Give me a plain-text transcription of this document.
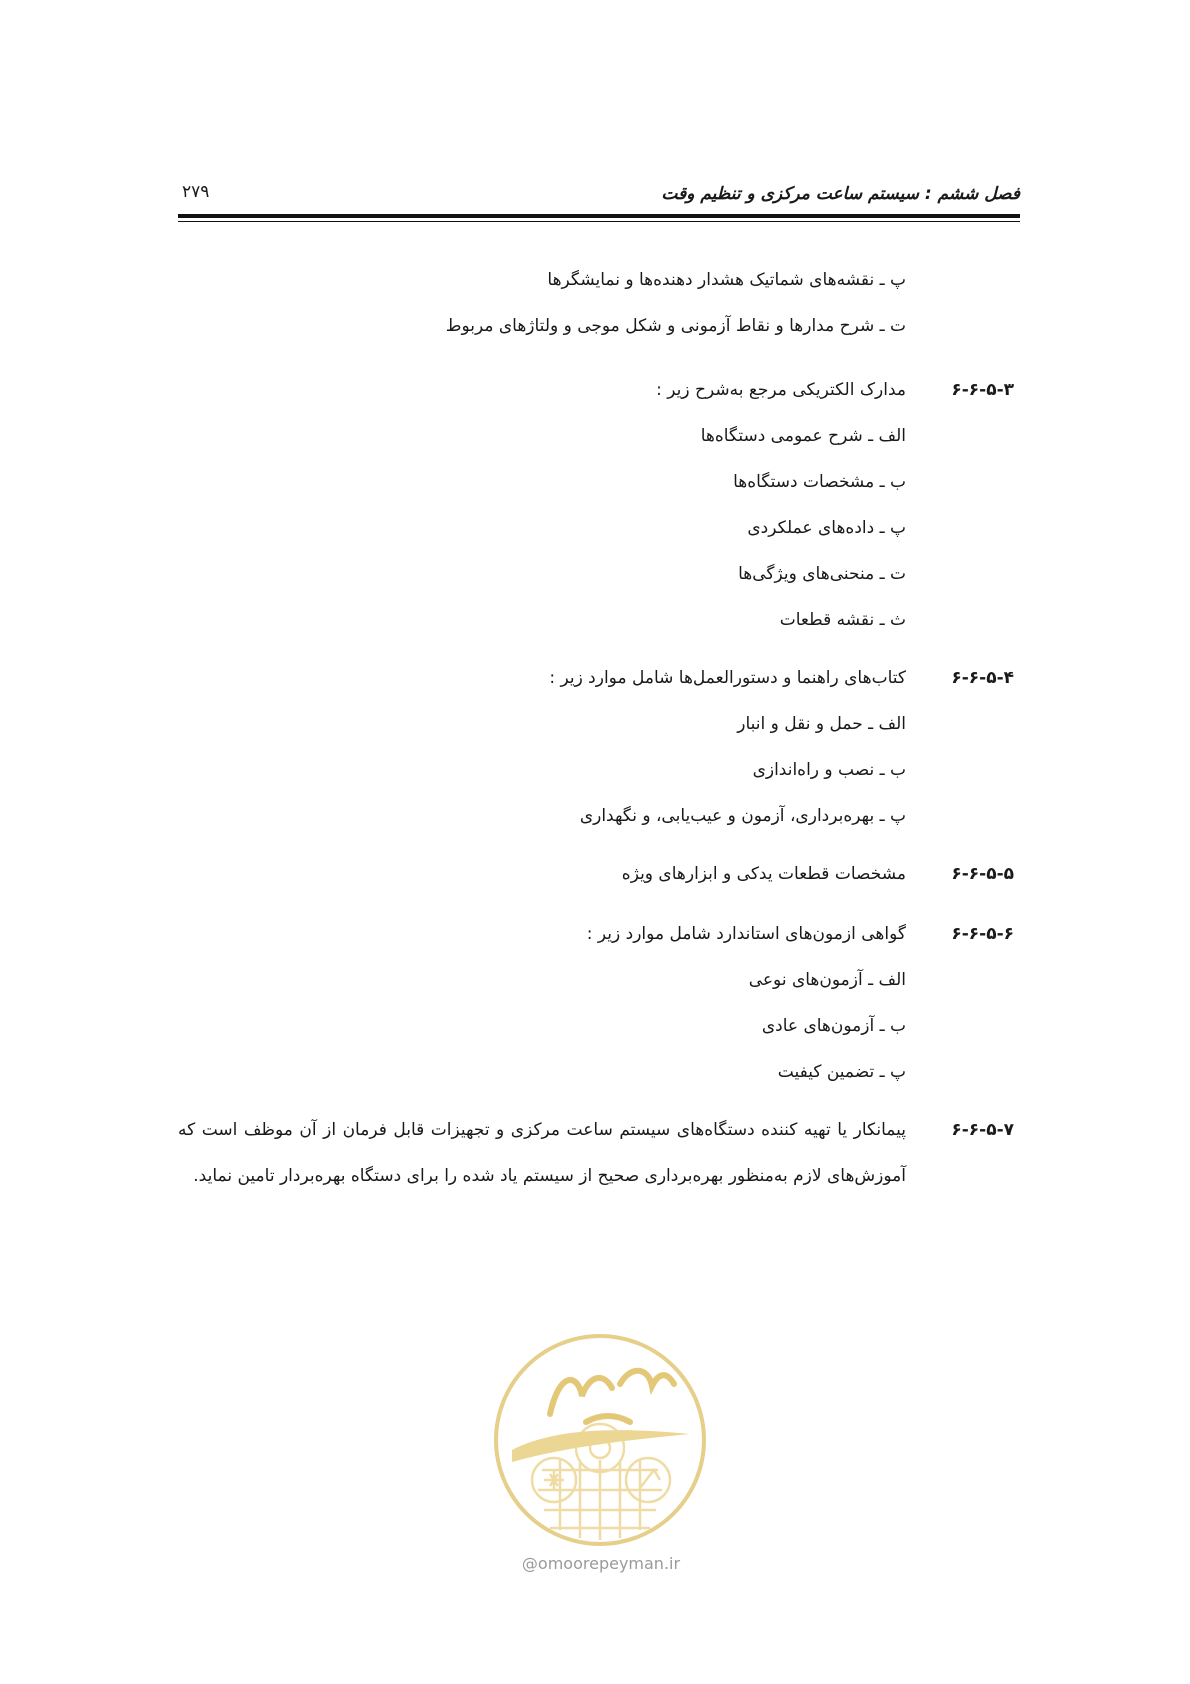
فصل ششم : سیستم ساعت مرکزی و تنظیم وقت
۲۷۹
پ ـ نقشه‌های شماتیک هشدار دهنده‌ها و نمایشگرها
ت ـ شرح مدارها و نقاط آزمونی و شکل موجی و ولتاژهای مربوط
۶-۶-۵-۳
مدارک الکتریکی مرجع به‌شرح زیر :
الف ـ شرح عمومی دستگاه‌ها
ب ـ مشخصات دستگاه‌ها
پ ـ داده‌های عملکردی
ت ـ منحنی‌های ویژگی‌ها
ث ـ نقشه قطعات
۶-۶-۵-۴
کتاب‌های راهنما و دستورالعمل‌ها شامل موارد زیر :
الف ـ حمل و نقل و انبار
ب ـ نصب و راه‌اندازی
پ ـ بهره‌برداری، آزمون و عیب‌یابی، و نگهداری
۶-۶-۵-۵
مشخصات قطعات یدکی و ابزارهای ویژه
۶-۶-۵-۶
گواهی ازمون‌های استاندارد شامل موارد زیر :
الف ـ آزمون‌های نوعی
ب ـ آزمون‌های عادی
پ ـ تضمین کیفیت
۶-۶-۵-۷
پیمانکار یا تهیه کننده دستگاه‌های سیستم ساعت مرکزی و تجهیزات قابل فرمان از آن موظف است که آموزش‌های لازم به‌منظور بهره‌برداری صحیح از سیستم یاد شده را برای دستگاه بهره‌بردار تامین نماید.
@omoorepeyman.ir
